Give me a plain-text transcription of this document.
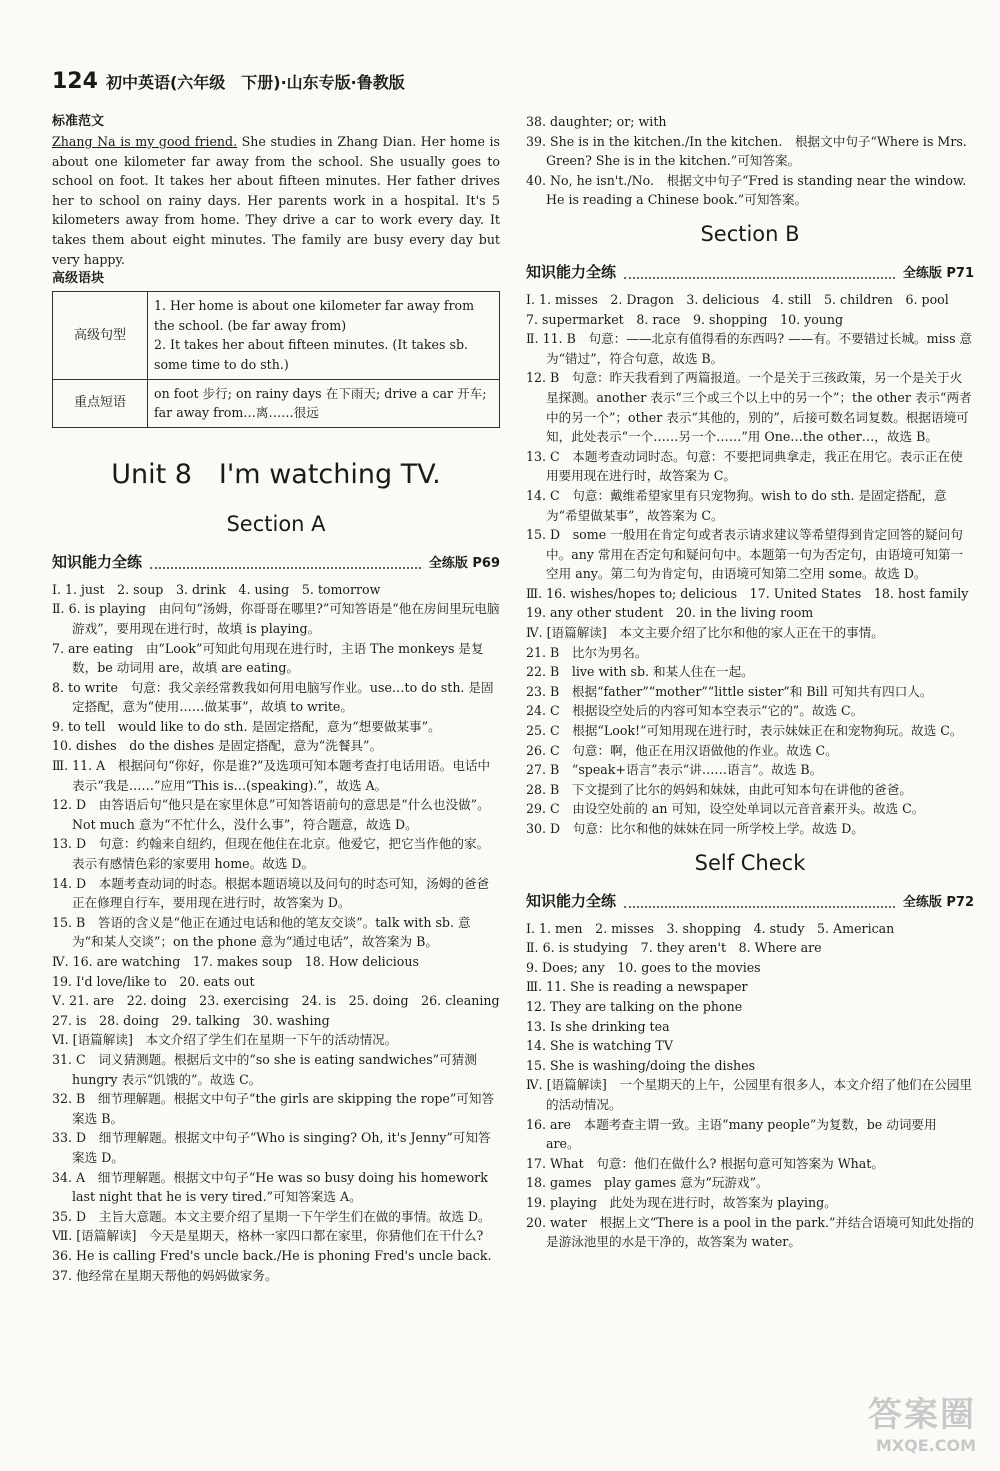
124 初中英语(六年级　下册)·山东专版·鲁教版

标准范文

Zhang Na is my good friend. She studies in Zhang Dian. Her home is about one kilometer far away from the school. She usually goes to school on foot. It takes her about fifteen minutes. Her father drives her to school on rainy days. Her parents work in a hospital. It's 5 kilometers away from home. They drive a car to work every day. It takes them about eight minutes. The family are busy every day but very happy.

高级语块

高级句型	1. Her home is about one kilometer far away from the school. (be far away from)
2. It takes her about fifteen minutes. (It takes sb. some time to do sth.)
重点短语	on foot 步行; on rainy days 在下雨天; drive a car 开车; far away from…离……很远
Unit 8　I'm watching TV.
Section A
知识能力全练	全练版 P69

Ⅰ. 1. just　2. soup　3. drink　4. using　5. tomorrow

Ⅱ. 6. is playing　由问句“汤姆，你哥哥在哪里?”可知答语是“他在房间里玩电脑游戏”，要用现在进行时，故填 is playing。

7. are eating　由“Look”可知此句用现在进行时，主语 The monkeys 是复数，be 动词用 are，故填 are eating。

8. to write　句意：我父亲经常教我如何用电脑写作业。use…to do sth. 是固定搭配，意为“使用……做某事”，故填 to write。

9. to tell　would like to do sth. 是固定搭配，意为“想要做某事”。

10. dishes　do the dishes 是固定搭配，意为“洗餐具”。

Ⅲ. 11. A　根据问句“你好，你是谁?”及选项可知本题考查打电话用语。电话中表示“我是……”应用“This is…(speaking).”，故选 A。

12. D　由答语后句“他只是在家里休息”可知答语前句的意思是“什么也没做”。Not much 意为“不忙什么，没什么事”，符合题意，故选 D。

13. D　句意：约翰来自纽约，但现在他住在北京。他爱它，把它当作他的家。表示有感情色彩的家要用 home。故选 D。

14. D　本题考查动词的时态。根据本题语境以及问句的时态可知，汤姆的爸爸正在修理自行车，要用现在进行时，故答案为 D。

15. B　答语的含义是“他正在通过电话和他的笔友交谈”。talk with sb. 意为“和某人交谈”；on the phone 意为“通过电话”，故答案为 B。

Ⅳ. 16. are watching　17. makes soup　18. How delicious

19. I'd love/like to　20. eats out

Ⅴ. 21. are　22. doing　23. exercising　24. is　25. doing　26. cleaning

27. is　28. doing　29. talking　30. washing

Ⅵ. [语篇解读]　本文介绍了学生们在星期一下午的活动情况。

31. C　词义猜测题。根据后文中的“so she is eating sandwiches”可猜测 hungry 表示“饥饿的”。故选 C。

32. B　细节理解题。根据文中句子“the girls are skipping the rope”可知答案选 B。

33. D　细节理解题。根据文中句子“Who is singing? Oh, it's Jenny”可知答案选 D。

34. A　细节理解题。根据文中句子“He was so busy doing his homework last night that he is very tired.”可知答案选 A。

35. D　主旨大意题。本文主要介绍了星期一下午学生们在做的事情。故选 D。

Ⅶ. [语篇解读]　今天是星期天，格林一家四口都在家里，你猜他们在干什么?

36. He is calling Fred's uncle back./He is phoning Fred's uncle back.

37. 他经常在星期天帮他的妈妈做家务。

38. daughter; or; with

39. She is in the kitchen./In the kitchen.　根据文中句子“Where is Mrs. Green? She is in the kitchen.”可知答案。

40. No, he isn't./No.　根据文中句子“Fred is standing near the window. He is reading a Chinese book.”可知答案。

Section B
知识能力全练	全练版 P71

Ⅰ. 1. misses　2. Dragon　3. delicious　4. still　5. children　6. pool

7. supermarket　8. race　9. shopping　10. young

Ⅱ. 11. B　句意：——北京有值得看的东西吗? ——有。不要错过长城。miss 意为“错过”，符合句意，故选 B。

12. B　句意：昨天我看到了两篇报道。一个是关于三孩政策，另一个是关于火星探测。another 表示“三个或三个以上中的另一个”；the other 表示“两者中的另一个”；other 表示“其他的，别的”，后接可数名词复数。根据语境可知，此处表示“一个……另一个……”用 One…the other…，故选 B。

13. C　本题考查动词时态。句意：不要把词典拿走，我正在用它。表示正在使用要用现在进行时，故答案为 C。

14. C　句意：戴维希望家里有只宠物狗。wish to do sth. 是固定搭配，意为“希望做某事”，故答案为 C。

15. D　some 一般用在肯定句或者表示请求建议等希望得到肯定回答的疑问句中。any 常用在否定句和疑问句中。本题第一句为否定句，由语境可知第一空用 any。第二句为肯定句，由语境可知第二空用 some。故选 D。

Ⅲ. 16. wishes/hopes to; delicious　17. United States　18. host family

19. any other student　20. in the living room

Ⅳ. [语篇解读]　本文主要介绍了比尔和他的家人正在干的事情。

21. B　比尔为男名。

22. B　live with sb. 和某人住在一起。

23. B　根据“father”“mother”“little sister”和 Bill 可知共有四口人。

24. C　根据设空处后的内容可知本空表示“它的”。故选 C。

25. C　根据“Look!”可知用现在进行时，表示妹妹正在和宠物狗玩。故选 C。

26. C　句意：啊，他正在用汉语做他的作业。故选 C。

27. B　“speak+语言”表示“讲……语言”。故选 B。

28. B　下文提到了比尔的妈妈和妹妹，由此可知本句在讲他的爸爸。

29. C　由设空处前的 an 可知，设空处单词以元音音素开头。故选 C。

30. D　句意：比尔和他的妹妹在同一所学校上学。故选 D。

Self Check
知识能力全练	全练版 P72

Ⅰ. 1. men　2. misses　3. shopping　4. study　5. American

Ⅱ. 6. is studying　7. they aren't　8. Where are

9. Does; any　10. goes to the movies

Ⅲ. 11. She is reading a newspaper

12. They are talking on the phone

13. Is she drinking tea

14. She is watching TV

15. She is washing/doing the dishes

Ⅳ. [语篇解读]　一个星期天的上午，公园里有很多人，本文介绍了他们在公园里的活动情况。

16. are　本题考查主谓一致。主语“many people”为复数，be 动词要用 are。

17. What　句意：他们在做什么? 根据句意可知答案为 What。

18. games　play games 意为“玩游戏”。

19. playing　此处为现在进行时，故答案为 playing。

20. water　根据上文“There is a pool in the park.”并结合语境可知此处指的是游泳池里的水是干净的，故答案为 water。

答案圈
MXQE.COM
